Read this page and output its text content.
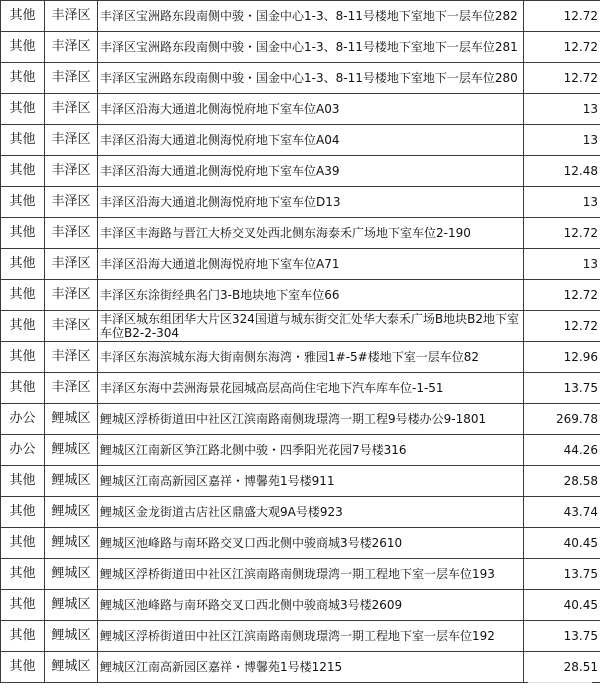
其他	丰泽区	丰泽区宝洲路东段南侧中骏・国金中心1-3、8-11号楼地下室地下一层车位282	12.72
其他	丰泽区	丰泽区宝洲路东段南侧中骏・国金中心1-3、8-11号楼地下室地下一层车位281	12.72
其他	丰泽区	丰泽区宝洲路东段南侧中骏・国金中心1-3、8-11号楼地下室地下一层车位280	12.72
其他	丰泽区	丰泽区沿海大通道北侧海悦府地下室车位A03	13
其他	丰泽区	丰泽区沿海大通道北侧海悦府地下室车位A04	13
其他	丰泽区	丰泽区沿海大通道北侧海悦府地下室车位A39	12.48
其他	丰泽区	丰泽区沿海大通道北侧海悦府地下室车位D13	13
其他	丰泽区	丰泽区丰海路与晋江大桥交叉处西北侧东海泰禾广场地下室车位2-190	12.72
其他	丰泽区	丰泽区沿海大通道北侧海悦府地下室车位A71	13
其他	丰泽区	丰泽区东涂街经典名门3-B地块地下室车位66	12.72
其他	丰泽区	丰泽区城东组团华大片区324国道与城东街交汇处华大泰禾广场B地块B2地下室车位B2-2-304	12.72
其他	丰泽区	丰泽区东海滨城东海大街南侧东海湾・雅园1#-5#楼地下室一层车位82	12.96
其他	丰泽区	丰泽区东海中芸洲海景花园城高层高尚住宅地下汽车库车位-1-51	13.75
办公	鲤城区	鲤城区浮桥街道田中社区江滨南路南侧珑璟湾一期工程9号楼办公9-1801	269.78
办公	鲤城区	鲤城区江南新区笋江路北侧中骏・四季阳光花园7号楼316	44.26
其他	鲤城区	鲤城区江南高新园区嘉祥・博馨苑1号楼911	28.58
其他	鲤城区	鲤城区金龙街道古店社区鼎盛大观9A号楼923	43.74
其他	鲤城区	鲤城区池峰路与南环路交叉口西北侧中骏商城3号楼2610	40.45
其他	鲤城区	鲤城区浮桥街道田中社区江滨南路南侧珑璟湾一期工程地下室一层车位193	13.75
其他	鲤城区	鲤城区池峰路与南环路交叉口西北侧中骏商城3号楼2609	40.45
其他	鲤城区	鲤城区浮桥街道田中社区江滨南路南侧珑璟湾一期工程地下室一层车位192	13.75
其他	鲤城区	鲤城区江南高新园区嘉祥・博馨苑1号楼1215	28.51
